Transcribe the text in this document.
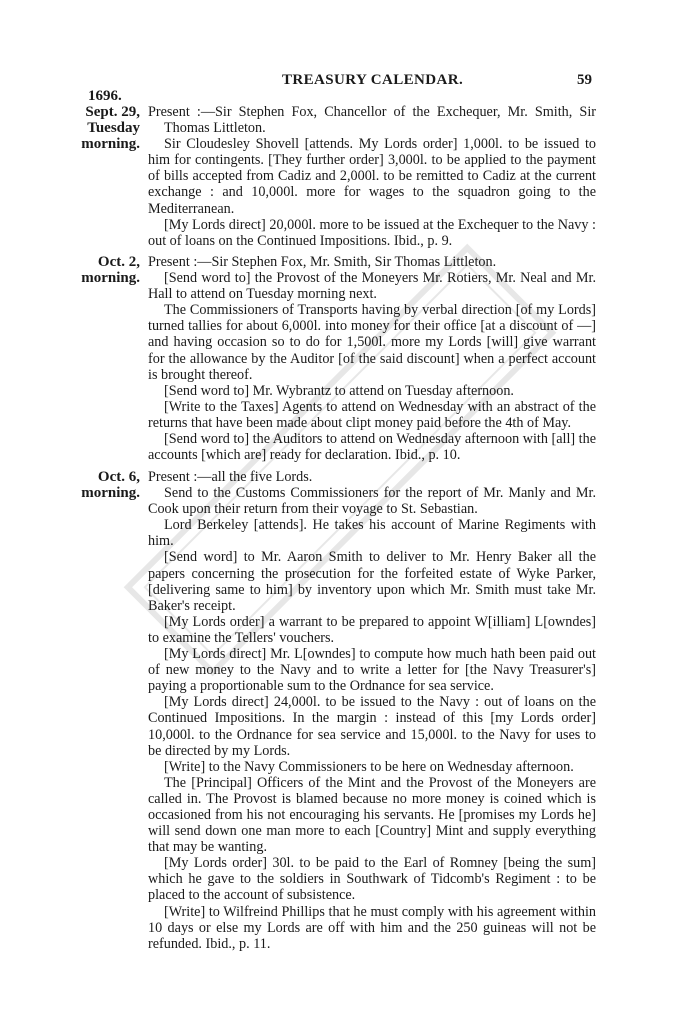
TREASURY CALENDAR.	59
1696.
Sept. 29,
Tuesday
morning.

Present :—Sir Stephen Fox, Chancellor of the Exchequer, Mr. Smith, Sir Thomas Littleton.

Sir Cloudesley Shovell [attends. My Lords order] 1,000l. to be issued to him for contingents. [They further order] 3,000l. to be applied to the payment of bills accepted from Cadiz and 2,000l. to be remitted to Cadiz at the current exchange : and 10,000l. more for wages to the squadron going to the Mediterranean.

[My Lords direct] 20,000l. more to be issued at the Exchequer to the Navy : out of loans on the Continued Impositions. Ibid., p. 9.

Oct. 2,
morning.

Present :—Sir Stephen Fox, Mr. Smith, Sir Thomas Littleton.

[Send word to] the Provost of the Moneyers Mr. Rotiers, Mr. Neal and Mr. Hall to attend on Tuesday morning next.

The Commissioners of Transports having by verbal direction [of my Lords] turned tallies for about 6,000l. into money for their office [at a discount of —] and having occasion so to do for 1,500l. more my Lords [will] give warrant for the allowance by the Auditor [of the said discount] when a perfect account is brought thereof.

[Send word to] Mr. Wybrantz to attend on Tuesday afternoon.

[Write to the Taxes] Agents to attend on Wednesday with an abstract of the returns that have been made about clipt money paid before the 4th of May.

[Send word to] the Auditors to attend on Wednesday afternoon with [all] the accounts [which are] ready for declaration. Ibid., p. 10.

Oct. 6,
morning.

Present :—all the five Lords.

Send to the Customs Commissioners for the report of Mr. Manly and Mr. Cook upon their return from their voyage to St. Sebastian.

Lord Berkeley [attends]. He takes his account of Marine Regiments with him.

[Send word] to Mr. Aaron Smith to deliver to Mr. Henry Baker all the papers concerning the prosecution for the forfeited estate of Wyke Parker, [delivering same to him] by inventory upon which Mr. Smith must take Mr. Baker's receipt.

[My Lords order] a warrant to be prepared to appoint W[illiam] L[owndes] to examine the Tellers' vouchers.

[My Lords direct] Mr. L[owndes] to compute how much hath been paid out of new money to the Navy and to write a letter for [the Navy Treasurer's] paying a proportionable sum to the Ordnance for sea service.

[My Lords direct] 24,000l. to be issued to the Navy : out of loans on the Continued Impositions. In the margin : instead of this [my Lords order] 10,000l. to the Ordnance for sea service and 15,000l. to the Navy for uses to be directed by my Lords.

[Write] to the Navy Commissioners to be here on Wednesday afternoon.

The [Principal] Officers of the Mint and the Provost of the Moneyers are called in. The Provost is blamed because no more money is coined which is occasioned from his not encouraging his servants. He [promises my Lords he] will send down one man more to each [Country] Mint and supply everything that may be wanting.

[My Lords order] 30l. to be paid to the Earl of Romney [being the sum] which he gave to the soldiers in Southwark of Tidcomb's Regiment : to be placed to the account of subsistence.

[Write] to Wilfreind Phillips that he must comply with his agreement within 10 days or else my Lords are off with him and the 250 guineas will not be refunded. Ibid., p. 11.
